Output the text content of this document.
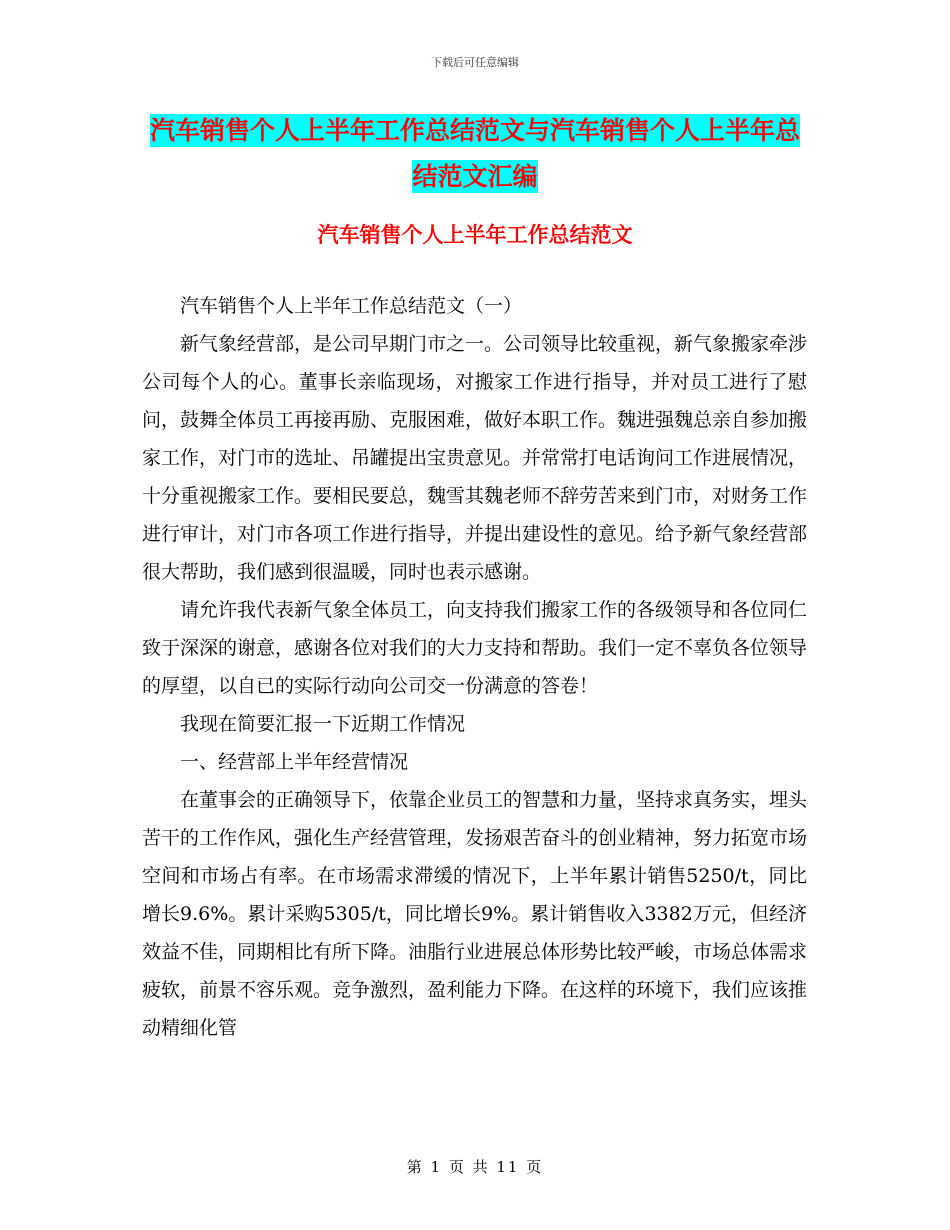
下载后可任意编辑
汽车销售个人上半年工作总结范文与汽车销售个人上半年总结范文汇编
汽车销售个人上半年工作总结范文

汽车销售个人上半年工作总结范文（一）

新气象经营部，是公司早期门市之一。公司领导比较重视，新气象搬家牵涉公司每个人的心。董事长亲临现场，对搬家工作进行指导，并对员工进行了慰问，鼓舞全体员工再接再励、克服困难，做好本职工作。魏进强魏总亲自参加搬家工作，对门市的选址、吊罐提出宝贵意见。并常常打电话询问工作进展情况，十分重视搬家工作。要相民要总，魏雪其魏老师不辞劳苦来到门市，对财务工作进行审计，对门市各项工作进行指导，并提出建设性的意见。给予新气象经营部很大帮助，我们感到很温暖，同时也表示感谢。

请允许我代表新气象全体员工，向支持我们搬家工作的各级领导和各位同仁致于深深的谢意，感谢各位对我们的大力支持和帮助。我们一定不辜负各位领导的厚望，以自已的实际行动向公司交一份满意的答卷！

我现在简要汇报一下近期工作情况

一、经营部上半年经营情况

在董事会的正确领导下，依靠企业员工的智慧和力量，坚持求真务实，埋头苦干的工作作风，强化生产经营管理，发扬艰苦奋斗的创业精神，努力拓宽市场空间和市场占有率。在市场需求滞缓的情况下，上半年累计销售5250/t，同比增长9.6%。累计采购5305/t，同比增长9%。累计销售收入3382万元，但经济效益不佳，同期相比有所下降。油脂行业进展总体形势比较严峻，市场总体需求疲软，前景不容乐观。竞争激烈，盈利能力下降。在这样的环境下，我们应该推动精细化管

第 1 页 共 11 页
